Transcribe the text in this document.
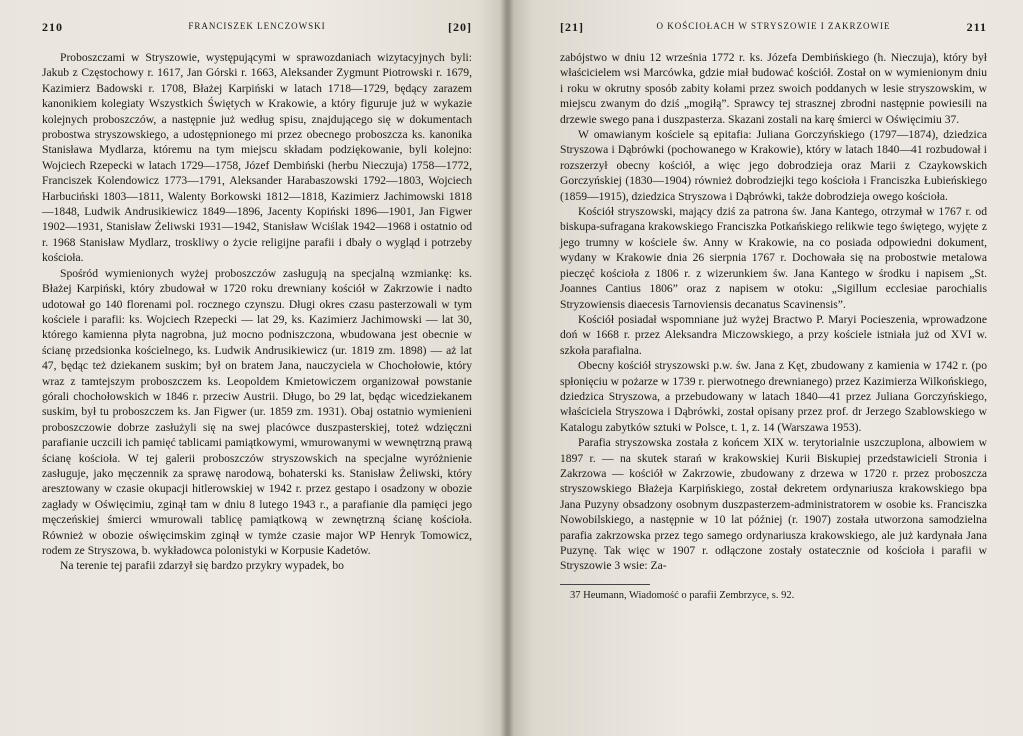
210	FRANCISZEK LENCZOWSKI	[20]

Proboszczami w Stryszowie, występującymi w sprawozdaniach wizytacyjnych byli: Jakub z Częstochowy r. 1617, Jan Górski r. 1663, Aleksander Zygmunt Piotrowski r. 1679, Kazimierz Badowski r. 1708, Błażej Karpiński w latach 1718—1729, będący zarazem kanonikiem kolegiaty Wszystkich Świętych w Krakowie, a który figuruje już w wykazie kolejnych proboszczów, a następnie już według spisu, znajdującego się w dokumentach probostwa stryszowskiego, a udostępnionego mi przez obecnego proboszcza ks. kanonika Stanisława Mydlarza, któremu na tym miejscu składam podziękowanie, byli kolejno: Wojciech Rzepecki w latach 1729—1758, Józef Dembiński (herbu Nieczuja) 1758—1772, Franciszek Kolendowicz 1773—1791, Aleksander Harabaszowski 1792—1803, Wojciech Harbuciński 1803—1811, Walenty Borkowski 1812—1818, Kazimierz Jachimowski 1818—1848, Ludwik Andrusikiewicz 1849—1896, Jacenty Kopiński 1896—1901, Jan Figwer 1902—1931, Stanisław Żeliwski 1931—1942, Stanisław Wciślak 1942—1968 i ostatnio od r. 1968 Stanisław Mydlarz, troskliwy o życie religijne parafii i dbały o wygląd i potrzeby kościoła.

Spośród wymienionych wyżej proboszczów zasługują na specjalną wzmiankę: ks. Błażej Karpiński, który zbudował w 1720 roku drewniany kościół w Zakrzowie i nadto udotował go 140 florenami pol. rocznego czynszu. Długi okres czasu pasterzowali w tym kościele i parafii: ks. Wojciech Rzepecki — lat 29, ks. Kazimierz Jachimowski — lat 30, którego kamienna płyta nagrobna, już mocno podniszczona, wbudowana jest obecnie w ścianę przedsionka kościelnego, ks. Ludwik Andrusikiewicz (ur. 1819 zm. 1898) — aż lat 47, będąc też dziekanem suskim; był on bratem Jana, nauczyciela w Chochołowie, który wraz z tamtejszym proboszczem ks. Leopoldem Kmietowiczem organizował powstanie górali chochołowskich w 1846 r. przeciw Austrii. Długo, bo 29 lat, będąc wicedziekanem suskim, był tu proboszczem ks. Jan Figwer (ur. 1859 zm. 1931). Obaj ostatnio wymienieni proboszczowie dobrze zasłużyli się na swej placówce duszpasterskiej, toteż wdzięczni parafianie uczcili ich pamięć tablicami pamiątkowymi, wmurowanymi w wewnętrzną prawą ścianę kościoła. W tej galerii proboszczów stryszowskich na specjalne wyróżnienie zasługuje, jako męczennik za sprawę narodową, bohaterski ks. Stanisław Żeliwski, który aresztowany w czasie okupacji hitlerowskiej w 1942 r. przez gestapo i osadzony w obozie zagłady w Oświęcimiu, zginął tam w dniu 8 lutego 1943 r., a parafianie dla pamięci jego męczeńskiej śmierci wmurowali tablicę pamiątkową w zewnętrzną ścianę kościoła. Również w obozie oświęcimskim zginął w tymże czasie major WP Henryk Tomowicz, rodem ze Stryszowa, b. wykładowca polonistyki w Korpusie Kadetów.

Na terenie tej parafii zdarzył się bardzo przykry wypadek, bo

[21]	O KOŚCIOŁACH W STRYSZOWIE I ZAKRZOWIE	211

zabójstwo w dniu 12 września 1772 r. ks. Józefa Dembińskiego (h. Nieczuja), który był właścicielem wsi Marcówka, gdzie miał budować kościół. Został on w wymienionym dniu i roku w okrutny sposób zabity kołami przez swoich poddanych w lesie stryszowskim, w miejscu zwanym do dziś „mogiłą”. Sprawcy tej strasznej zbrodni następnie powiesili na drzewie swego pana i duszpasterza. Skazani zostali na karę śmierci w Oświęcimiu 37.

W omawianym kościele są epitafia: Juliana Gorczyńskiego (1797—1874), dziedzica Stryszowa i Dąbrówki (pochowanego w Krakowie), który w latach 1840—41 rozbudował i rozszerzył obecny kościół, a więc jego dobrodzieja oraz Marii z Czaykowskich Gorczyńskiej (1830—1904) również dobrodziejki tego kościoła i Franciszka Łubieńskiego (1859—1915), dziedzica Stryszowa i Dąbrówki, także dobrodzieja owego kościoła.

Kościół stryszowski, mający dziś za patrona św. Jana Kantego, otrzymał w 1767 r. od biskupa-sufragana krakowskiego Franciszka Potkańskiego relikwie tego świętego, wyjęte z jego trumny w kościele św. Anny w Krakowie, na co posiada odpowiedni dokument, wydany w Krakowie dnia 26 sierpnia 1767 r. Dochowała się na probostwie metalowa pieczęć kościoła z 1806 r. z wizerunkiem św. Jana Kantego w środku i napisem „St. Joannes Cantius 1806” oraz z napisem w otoku: „Sigillum ecclesiae parochialis Stryzowiensis diaecesis Tarnoviensis decanatus Scavinensis”.

Kościół posiadał wspomniane już wyżej Bractwo P. Maryi Pocieszenia, wprowadzone doń w 1668 r. przez Aleksandra Miczowskiego, a przy kościele istniała już od XVI w. szkoła parafialna.

Obecny kościół stryszowski p.w. św. Jana z Kęt, zbudowany z kamienia w 1742 r. (po spłonięciu w pożarze w 1739 r. pierwotnego drewnianego) przez Kazimierza Wilkońskiego, dziedzica Stryszowa, a przebudowany w latach 1840—41 przez Juliana Gorczyńskiego, właściciela Stryszowa i Dąbrówki, został opisany przez prof. dr Jerzego Szablowskiego w Katalogu zabytków sztuki w Polsce, t. 1, z. 14 (Warszawa 1953).

Parafia stryszowska została z końcem XIX w. terytorialnie uszczuplona, albowiem w 1897 r. — na skutek starań w krakowskiej Kurii Biskupiej przedstawicieli Stronia i Zakrzowa — kościół w Zakrzowie, zbudowany z drzewa w 1720 r. przez proboszcza stryszowskiego Błażeja Karpińskiego, został dekretem ordynariusza krakowskiego bpa Jana Puzyny obsadzony osobnym duszpasterzem-administratorem w osobie ks. Franciszka Nowobilskiego, a następnie w 10 lat później (r. 1907) została utworzona samodzielna parafia zakrzowska przez tego samego ordynariusza krakowskiego, ale już kardynała Jana Puzynę. Tak więc w 1907 r. odłączone zostały ostatecznie od kościoła i parafii w Stryszowie 3 wsie: Za-

37 Heumann, Wiadomość o parafii Zembrzyce, s. 92.
